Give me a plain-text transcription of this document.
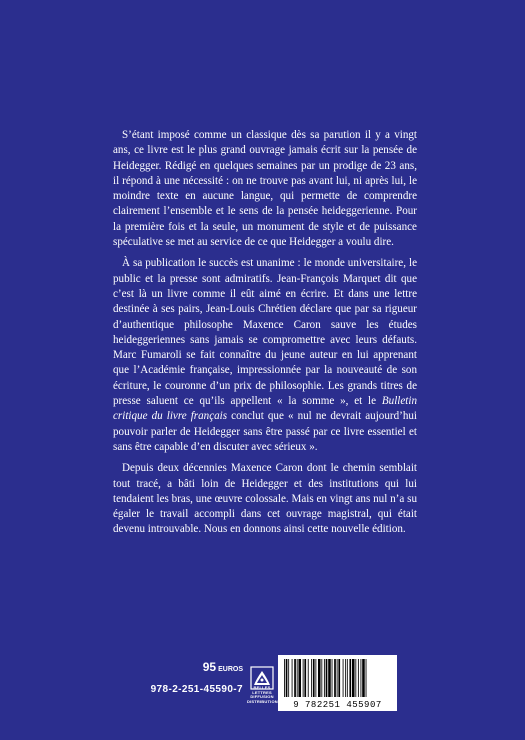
S’étant imposé comme un classique dès sa parution il y a vingt ans, ce livre est le plus grand ouvrage jamais écrit sur la pensée de Heidegger. Rédigé en quelques semaines par un prodige de 23 ans, il répond à une nécessité : on ne trouve pas avant lui, ni après lui, le moindre texte en aucune langue, qui permette de comprendre clairement l’ensemble et le sens de la pensée heideggerienne. Pour la première fois et la seule, un monument de style et de puissance spéculative se met au service de ce que Heidegger a voulu dire.

À sa publication le succès est unanime : le monde universitaire, le public et la presse sont admiratifs. Jean-François Marquet dit que c’est là un livre comme il eût aimé en écrire. Et dans une lettre destinée à ses pairs, Jean-Louis Chrétien déclare que par sa rigueur d’authentique philosophe Maxence Caron sauve les études heideggeriennes sans jamais se compromettre avec leurs défauts. Marc Fumaroli se fait connaître du jeune auteur en lui apprenant que l’Académie française, impressionnée par la nouveauté de son écriture, le couronne d’un prix de philosophie. Les grands titres de presse saluent ce qu’ils appellent « la somme », et le Bulletin critique du livre français conclut que « nul ne devrait aujourd’hui pouvoir parler de Heidegger sans être passé par ce livre essentiel et sans être capable d’en discuter avec sérieux ».

Depuis deux décennies Maxence Caron dont le chemin semblait tout tracé, a bâti loin de Heidegger et des institutions qui lui tendaient les bras, une œuvre colossale. Mais en vingt ans nul n’a su égaler le travail accompli dans cet ouvrage magistral, qui était devenu introuvable. Nous en donnons ainsi cette nouvelle édition.

95 EUROS
978-2-251-45590-7	BELLES LETTRES
DIFFUSION
DISTRIBUTION	9 782251 455907
